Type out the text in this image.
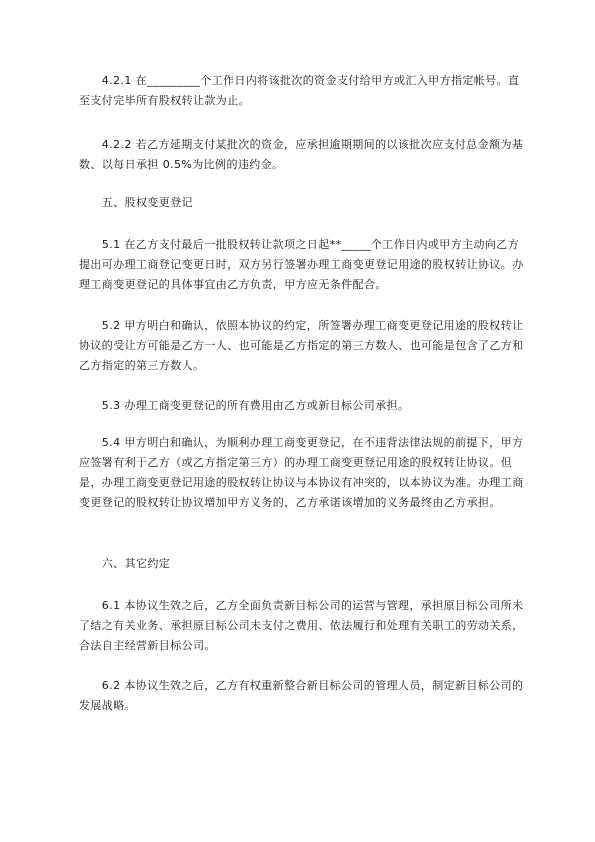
　　4.2.1 在_________个工作日内将该批次的资金支付给甲方或汇入甲方指定帐号。直至支付完毕所有股权转让款为止。

　　4.2.2 若乙方延期支付某批次的资金，应承担逾期期间的以该批次应支付总金额为基数、以每日承担 0.5%为比例的违约金。

　　五、股权变更登记

　　5.1 在乙方支付最后一批股权转让款项之日起**_____个工作日内或甲方主动向乙方提出可办理工商登记变更日时，双方另行签署办理工商变更登记用途的股权转让协议。办理工商变更登记的具体事宜由乙方负责，甲方应无条件配合。

　　5.2 甲方明白和确认，依照本协议的约定，所签署办理工商变更登记用途的股权转让协议的受让方可能是乙方一人、也可能是乙方指定的第三方数人、也可能是包含了乙方和乙方指定的第三方数人。

　　5.3 办理工商变更登记的所有费用由乙方或新目标公司承担。

　　5.4 甲方明白和确认，为顺利办理工商变更登记，在不违背法律法规的前提下，甲方应签署有利于乙方（或乙方指定第三方）的办理工商变更登记用途的股权转让协议。但是，办理工商变更登记用途的股权转让协议与本协议有冲突的，以本协议为准。办理工商变更登记的股权转让协议增加甲方义务的，乙方承诺该增加的义务最终由乙方承担。

　　六、其它约定

　　6.1 本协议生效之后，乙方全面负责新目标公司的运营与管理，承担原目标公司所未了结之有关业务、承担原目标公司未支付之费用、依法履行和处理有关职工的劳动关系，合法自主经营新目标公司。

　　6.2 本协议生效之后，乙方有权重新整合新目标公司的管理人员，制定新目标公司的发展战略。
